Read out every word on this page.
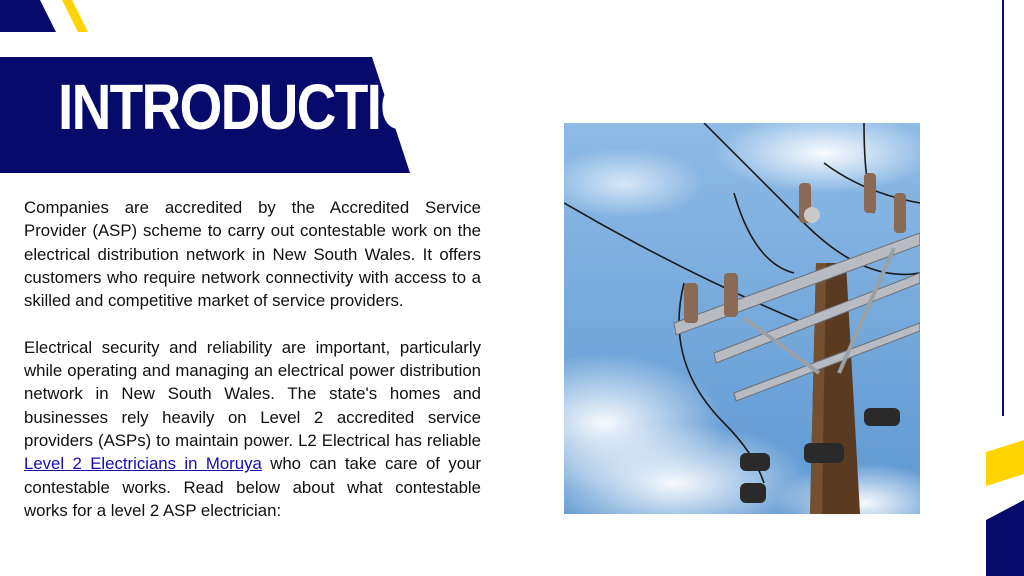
INTRODUCTION

Companies are accredited by the Accredited Service Provider (ASP) scheme to carry out contestable work on the electrical distribution network in New South Wales. It offers customers who require network connectivity with access to a skilled and competitive market of service providers.

Electrical security and reliability are important, particularly while operating and managing an electrical power distribution network in New South Wales. The state's homes and businesses rely heavily on Level 2 accredited service providers (ASPs) to maintain power. L2 Electrical has reliable Level 2 Electricians in Moruya who can take care of your contestable works. Read below about what contestable works for a level 2 ASP electrician:
